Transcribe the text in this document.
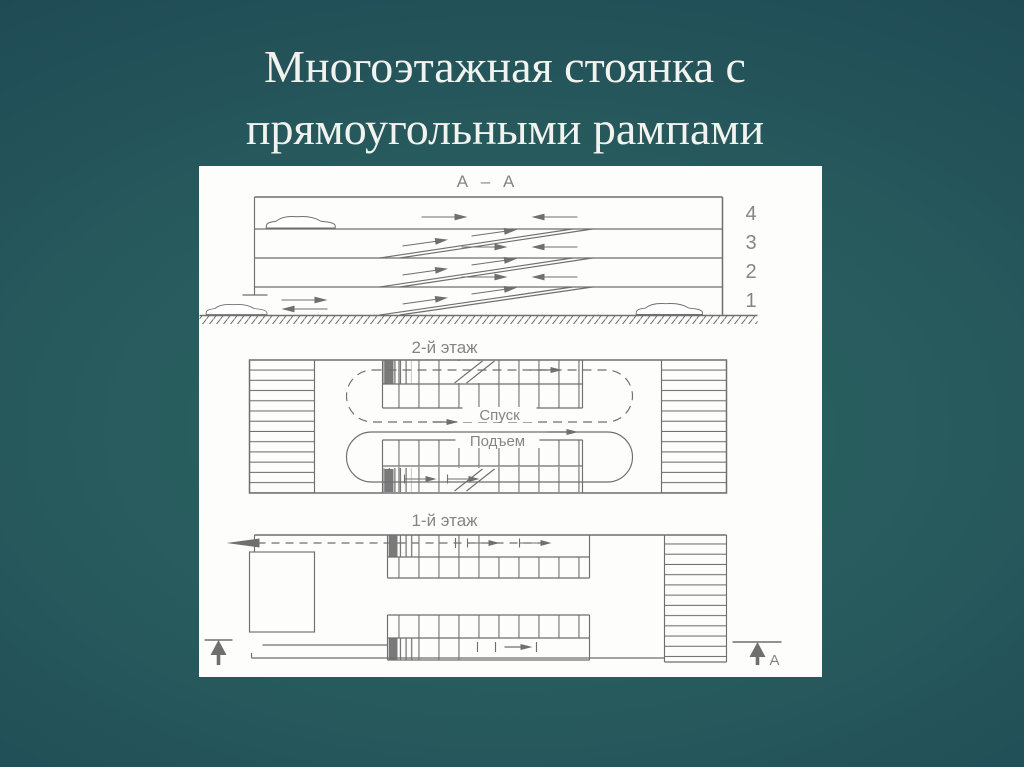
Многоэтажная стоянка с
прямоугольными рампами
А – А
4
3
2
1
2-й этаж
Спуск
Подъем
1-й этаж
A
